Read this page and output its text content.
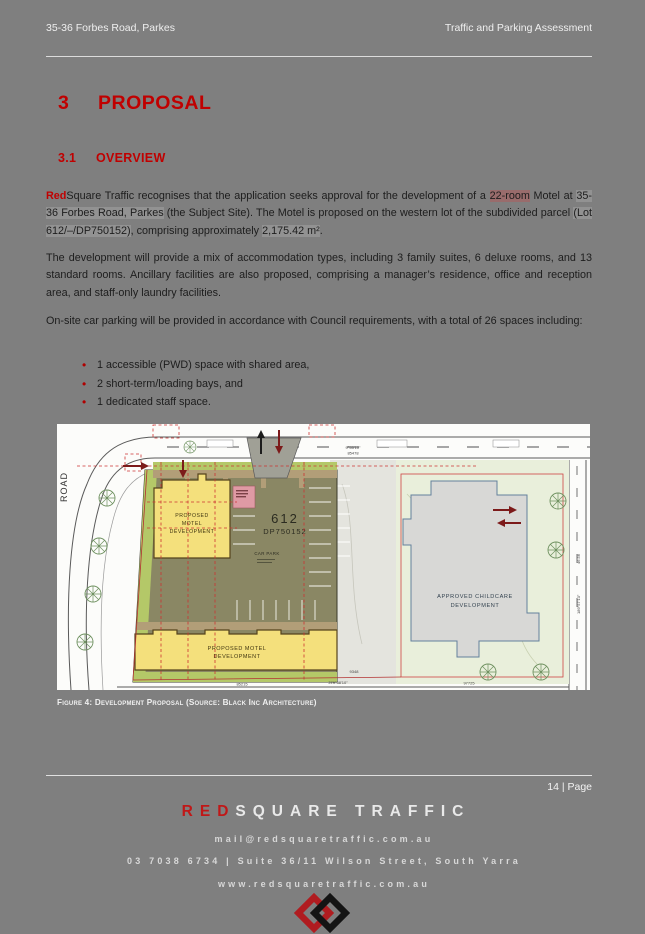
35-36 Forbes Road, Parkes	Traffic and Parking Assessment
3 PROPOSAL
3.1 OVERVIEW

RedSquare Traffic recognises that the application seeks approval for the development of a 22-room Motel at 35-36 Forbes Road, Parkes (the Subject Site). The Motel is proposed on the western lot of the subdivided parcel (Lot 612/–/DP750152), comprising approximately 2,175.42 m².

The development will provide a mix of accommodation types, including 3 family suites, 6 deluxe rooms, and 13 standard rooms. Ancillary facilities are also proposed, comprising a manager’s residence, office and reception area, and staff-only laundry facilities.

On-site car parking will be provided in accordance with Council requirements, with a total of 26 spaces including:

• 1 accessible (PWD) space with shared area,
• 2 short-term/loading bays, and
• 1 dedicated staff space.
ROAD
APPROVED CHILDCARE
DEVELOPMENT
612
DP750152
CAR PARK
PROPOSED
MOTEL
DEVELOPMENT
PROPOSED MOTEL
DEVELOPMENT
9°55'10"
85478
85215
9348
279°58'10"	97725
46.56
189°57'10"
Figure 4: Development Proposal (Source: Black Inc Architecture)
14 | Page
REDSQUARE TRAFFIC
mail@redsquaretraffic.com.au
03 7038 6734 | Suite 36/11 Wilson Street, South Yarra
www.redsquaretraffic.com.au
